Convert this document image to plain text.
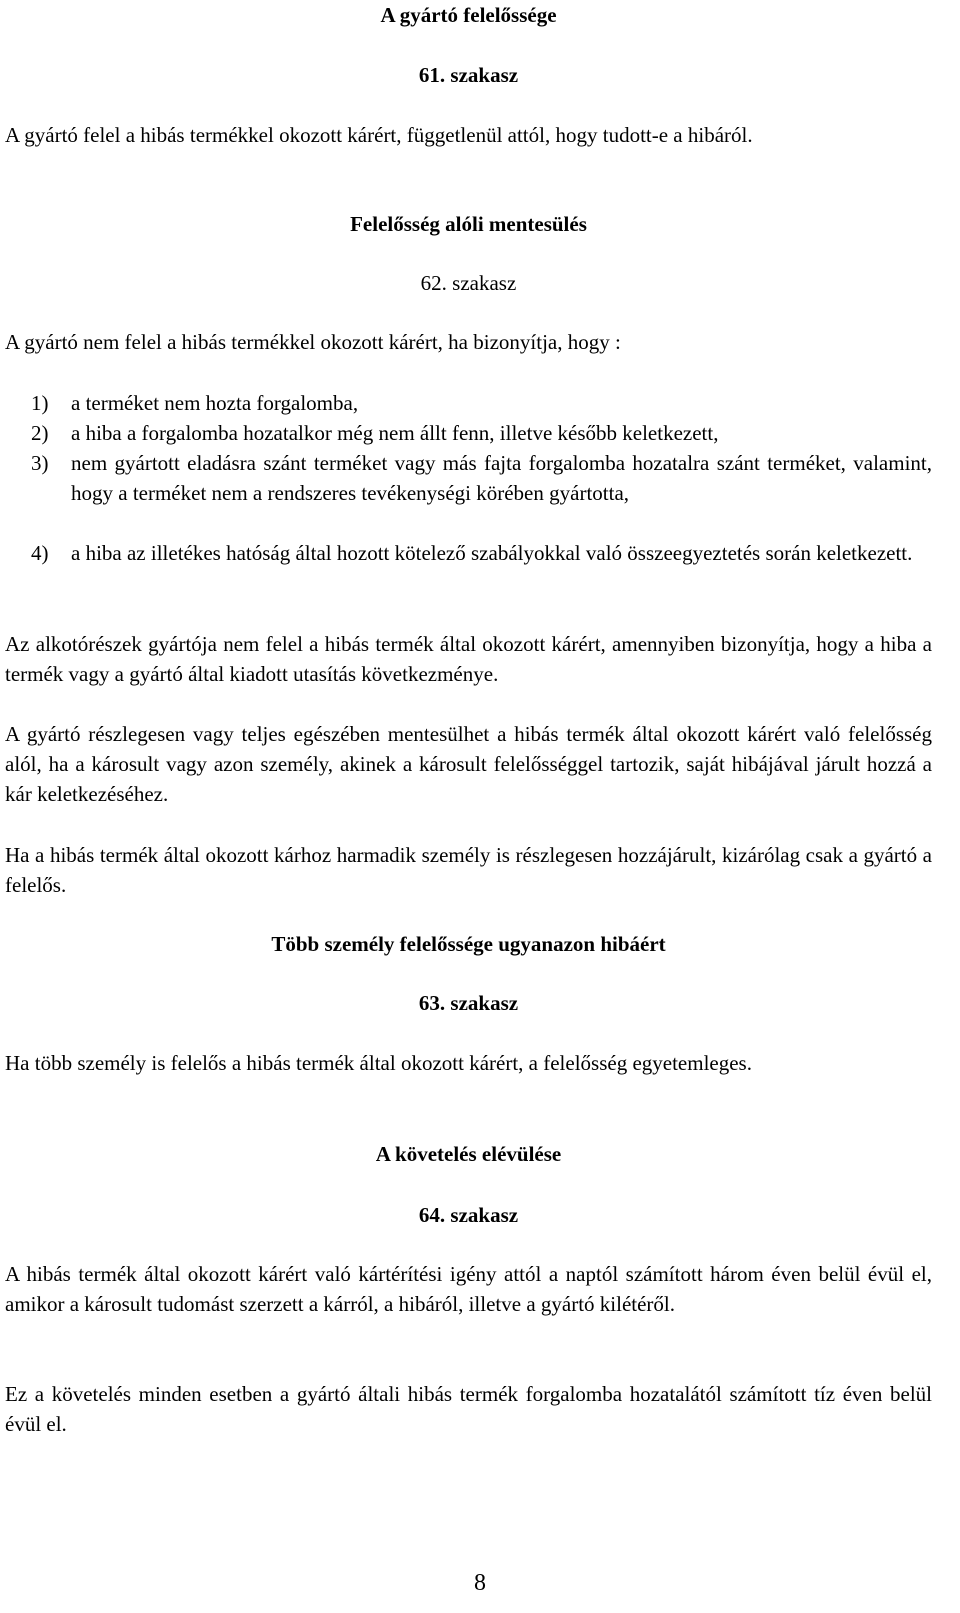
A gyártó felelőssége

61. szakasz

A gyártó felel a hibás termékkel okozott kárért, függetlenül attól, hogy tudott-e a hibáról.

Felelősség alóli mentesülés

62. szakasz

A gyártó nem felel a hibás termékkel okozott kárért, ha bizonyítja, hogy :

1)	a terméket nem hozta forgalomba,
2)	a hiba a forgalomba hozatalkor még nem állt fenn, illetve később keletkezett,
3)	nem gyártott eladásra szánt terméket vagy más fajta forgalomba hozatalra szánt terméket, valamint, hogy a terméket nem a rendszeres tevékenységi körében gyártotta,
4)	a hiba az illetékes hatóság által hozott kötelező szabályokkal való összeegyeztetés során keletkezett.

Az alkotórészek gyártója nem felel a hibás termék által okozott kárért, amennyiben bizonyítja, hogy a hiba a termék vagy a gyártó által kiadott utasítás következménye.

A gyártó részlegesen vagy teljes egészében mentesülhet a hibás termék által okozott kárért való felelősség alól, ha a károsult vagy azon személy, akinek a károsult felelősséggel tartozik, saját hibájával járult hozzá a kár keletkezéséhez.

Ha a hibás termék által okozott kárhoz harmadik személy is részlegesen hozzájárult, kizárólag csak a gyártó a felelős.

Több személy felelőssége ugyanazon hibáért

63. szakasz

Ha több személy is felelős a hibás termék által okozott kárért, a felelősség egyetemleges.

A követelés elévülése

64. szakasz

A hibás termék által okozott kárért való kártérítési igény attól a naptól számított három éven belül évül el, amikor a károsult tudomást szerzett a kárról, a hibáról, illetve a gyártó kilétéről.

Ez a követelés minden esetben a gyártó általi hibás termék forgalomba hozatalától számított tíz éven belül évül el.

8
